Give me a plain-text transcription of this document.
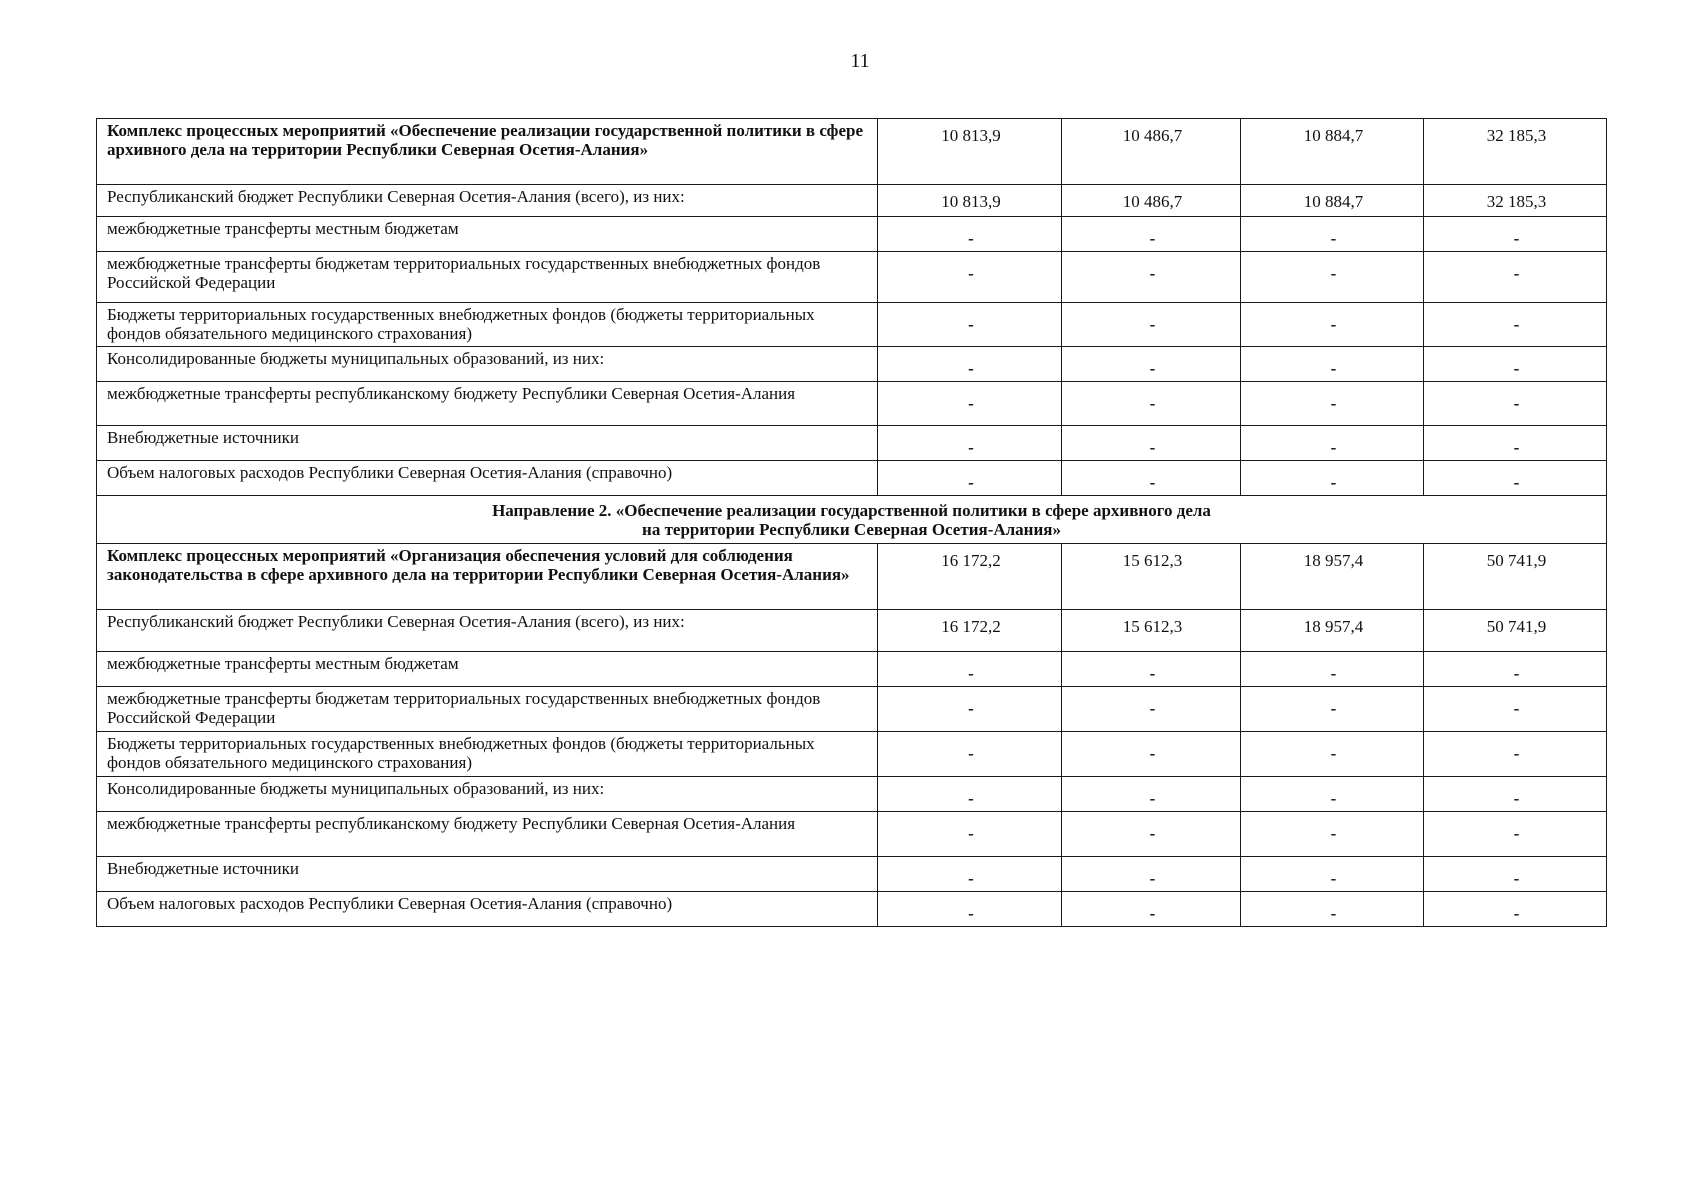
11
Комплекс процессных мероприятий «Обеспечение реализации государственной политики в сфере архивного дела на территории Республики Северная Осетия-Алания»	10 813,9	10 486,7	10 884,7	32 185,3
Республиканский бюджет Республики Северная Осетия-Алания (всего), из них:	10 813,9	10 486,7	10 884,7	32 185,3
межбюджетные трансферты местным бюджетам	-	-	-	-
межбюджетные трансферты бюджетам территориальных государственных внебюджетных фондов Российской Федерации	-	-	-	-
Бюджеты территориальных государственных внебюджетных фондов (бюджеты территориальных фондов обязательного медицинского страхования)	-	-	-	-
Консолидированные бюджеты муниципальных образований, из них:	-	-	-	-
межбюджетные трансферты республиканскому бюджету Республики Северная Осетия-Алания	-	-	-	-
Внебюджетные источники	-	-	-	-
Объем налоговых расходов Республики Северная Осетия-Алания (справочно)	-	-	-	-

Направление 2. «Обеспечение реализации государственной политики в сфере архивного дела
на территории Республики Северная Осетия-Алания»				

Комплекс процессных мероприятий «Организация обеспечения условий для соблюдения законодательства в сфере архивного дела на территории Республики Северная Осетия-Алания»	16 172,2	15 612,3	18 957,4	50 741,9
Республиканский бюджет Республики Северная Осетия-Алания (всего), из них:	16 172,2	15 612,3	18 957,4	50 741,9
межбюджетные трансферты местным бюджетам	-	-	-	-
межбюджетные трансферты бюджетам территориальных государственных внебюджетных фондов Российской Федерации	-	-	-	-
Бюджеты территориальных государственных внебюджетных фондов (бюджеты территориальных фондов обязательного медицинского страхования)	-	-	-	-
Консолидированные бюджеты муниципальных образований, из них:	-	-	-	-
межбюджетные трансферты республиканскому бюджету Республики Северная Осетия-Алания	-	-	-	-
Внебюджетные источники	-	-	-	-
Объем налоговых расходов Республики Северная Осетия-Алания (справочно)	-	-	-	-
